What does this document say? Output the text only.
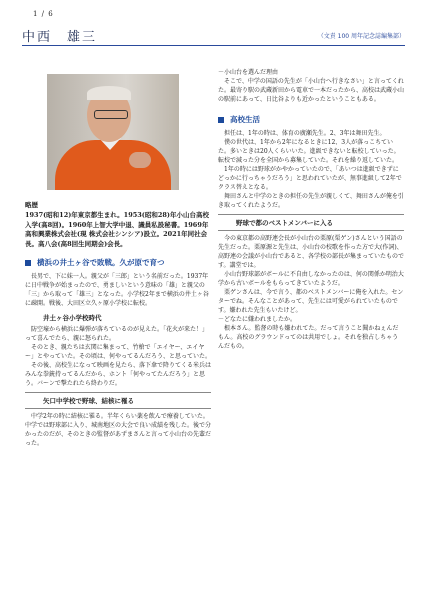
1 / 6
中西　雄三	（文責 100 周年記念誌編集部）
略歴

1937(昭和12)年東京都生まれ。1953(昭和28)年小山台高校入学(高8回)。1960年上智大学中退、識員私設秘書。1969年高和興業株式会社(現 株式会社シンシア)設立。2021年同社会長。高八会(高8回生同期会)会長。

横浜の井土ヶ谷で敗戦。久が原で育つ

長男で、下に妹一人。親父が「三郎」という名前だった。1937年に日中戦争が始まったので、勇ましいという意味の「雄」と親父の「三」から取って「雄三」となった。小学校2年まで横浜の井土ヶ谷に疎開。戦後、大田区立久ヶ原小学校に転校。

井土ヶ谷小学校時代

防空壕から横浜に爆弾が落ちているのが見えた。「花火が来た！」って喜んでたら、親に怒られた。

そのとき、親たちは玄関に集まって、竹槍で「エイヤー、エイヤー」とやっていた。その頃は、何やってるんだろう、と思っていた。

その後、高校生になって映画を見たら、落下傘で降りてくる米兵はみんな拳銃持ってるんだから、ホント「何やってたんだろう」と思う。バーンで撃たれたら終わりだ。

矢口中学校で野球、結核に罹る

中学2年の時に結核に罹る。半年くらい薬を飲んで療養していた。中学では野球部に入り、城南地区の大会で良い成績を残した。後で分かったのだが、そのときの監督があずまさんと言って小山台の先輩だった。

－小山台を選んだ理由

そこで、中学の国語の先生が「小山台へ行きなさい」と言ってくれた。最寄り駅の武蔵新田から電車で一本だったから、高校は武蔵小山の駅前にあって、日比谷よりも近かったということもある。

高校生活

担任は、1年の時は、体育の廣瀬先生。2、3年は舞田先生。

僕の世代は、1年から2年になるときに12、3人が落っこちていた。多いときは20人くらいいた。進級できないと転校していった。転校で減った分を全国から募集していた。それを繰り返していた。

1年の時には野球がかやかっていたので、「あいつは進級できずにどっかに行っちゃうだろう」と思われていたが、無事進級して2年でクラス替えとなる。

舞田さんと中学のときの担任の先生が親しくて、舞田さんが俺を引き取ってくれたようだ。

野球で都のベストメンバーに入る

今の東京都の高野連会長が小山台の栗原(栗ゲン)さんという国語の先生だった。栗原源と先生は、小山台の校歌を作った方で大(作詞)、高野連の会議が小山台であると、各学校の部長が集まっていたものです。講堂では。

小山台野球部がボールに不自由しなかったのは、何の関係か明治大学から古いボールをもらってきていたようだ。

栗ゲンさんは、今で言う、都のベストメンバーに俺を入れた。センターでね。そんなことがあって、先生には可愛がられていたものです。嫌われた先生もいたけど。

－どなたに嫌われましたか。

根本さん。監督の時も嫌われてた。だって言うこと聞かねぇんだもん。高校のグラウンドってのは共用でしょ。それを独占しちゃうんだもの。
